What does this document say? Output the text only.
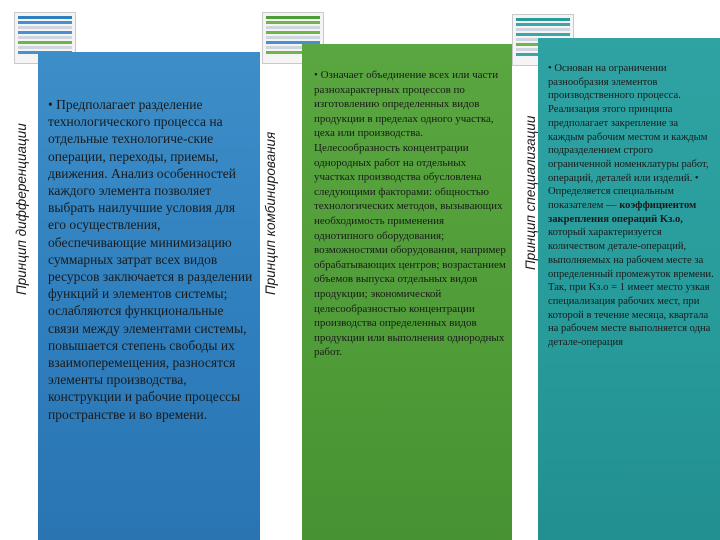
Принцип дифференциации	Принцип комбинирования	Принцип специализации
• Предполагает разделение технологического процесса на отдельные технологиче-ские операции, переходы, приемы, движения. Анализ особенностей каждого элемента позволяет выбрать наилучшие условия для его осуществления, обеспечивающие минимизацию суммарных затрат всех видов ресурсов заключается в разделении функций и элементов системы; ослабляются функциональные связи между элементами системы, повышается степень свободы их взаимоперемещения, разносятся элементы производства, конструкции и рабочие процессы пространстве и во времени.
• Означает объединение всех или части разнохарактерных процессов по изготовлению определенных видов продукции в пределах одного участка, цеха или производства. Целесообразность концентрации однородных работ на отдельных участках производства обусловлена следующими факторами: общностью технологических методов, вызывающих необходимость применения однотипного оборудования; возможностями оборудования, например обрабатывающих центров; возрастанием объемов выпуска отдельных видов продукции; экономической целесообразностью концентрации производства определенных видов продукции или выполнения однородных работ.
• Основан на ограничении разнообразия элементов производственного процесса. Реализация этого принципа предполагает закрепление за каждым рабочим местом и каждым подразделением строго ограниченной номенклатуры работ, операций, деталей или изделий. • Определяется специальным показателем — коэффициентом закрепления операций Kз.о, который характеризуется количеством детале-операций, выполняемых на рабочем месте за определенный промежуток времени. Так, при Kз.о = 1 имеет место узкая специализация рабочих мест, при которой в течение месяца, квартала на рабочем месте выполняется одна детале-операция
